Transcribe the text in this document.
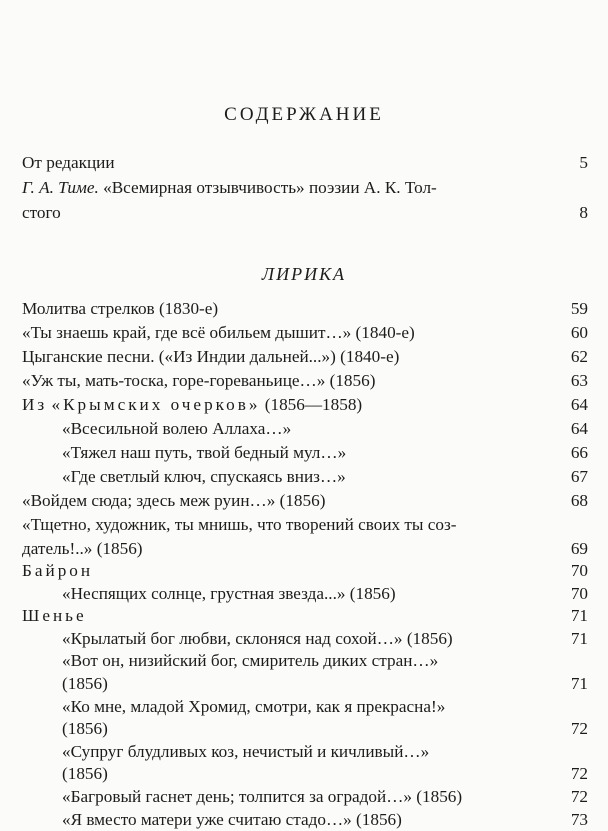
СОДЕРЖАНИЕ
От редакции	5
Г. А. Тиме. «Всемирная отзывчивость» поэзии А. К. Тол-
стого	8
ЛИРИКА
Молитва стрелков (1830-е)	59
«Ты знаешь край, где всё обильем дышит…» (1840-е)	60
Цыганские песни. («Из Индии дальней...») (1840-е)	62
«Уж ты, мать-тоска, горе-гореваньице…» (1856)	63
Из «Крымских очерков» (1856—1858)	64
«Всесильной волею Аллаха…»	64
«Тяжел наш путь, твой бедный мул…»	66
«Где светлый ключ, спускаясь вниз…»	67
«Войдем сюда; здесь меж руин…» (1856)	68
«Тщетно, художник, ты мнишь, что творений своих ты соз-
датель!..» (1856)	69
Байрон	70
«Неспящих солнце, грустная звезда...» (1856)	70
Шенье	71
«Крылатый бог любви, склоняся над сохой…» (1856)	71
«Вот он, низийский бог, смиритель диких стран…»
(1856)	71
«Ко мне, младой Хромид, смотри, как я прекрасна!»
(1856)	72
«Супруг блудливых коз, нечистый и кичливый…»
(1856)	72
«Багровый гаснет день; толпится за оградой…» (1856)	72
«Я вместо матери уже считаю стадо…» (1856)	73
